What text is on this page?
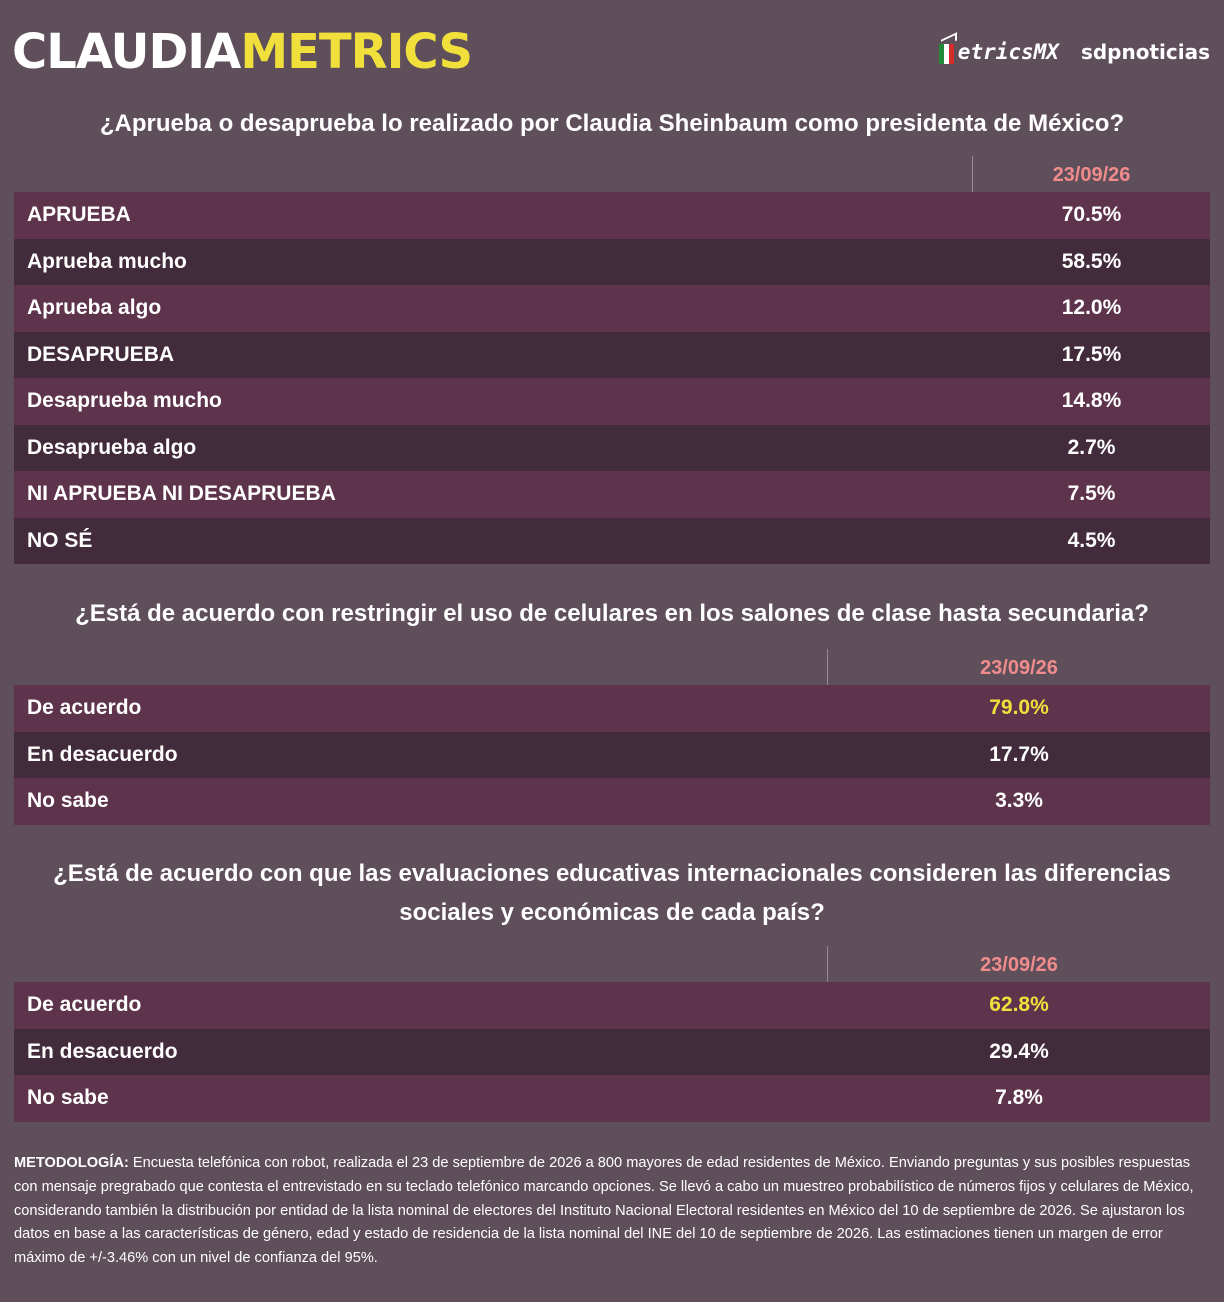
CLAUDIAMETRICS	etricsMX sdpnoticias
¿Aprueba o desaprueba lo realizado por Claudia Sheinbaum como presidenta de México?
23/09/26
APRUEBA	70.5%
Aprueba mucho	58.5%
Aprueba algo	12.0%
DESAPRUEBA	17.5%
Desaprueba mucho	14.8%
Desaprueba algo	2.7%
NI APRUEBA NI DESAPRUEBA	7.5%
NO SÉ	4.5%
¿Está de acuerdo con restringir el uso de celulares en los salones de clase hasta secundaria?
23/09/26
De acuerdo	79.0%
En desacuerdo	17.7%
No sabe	3.3%
¿Está de acuerdo con que las evaluaciones educativas internacionales consideren las diferencias
sociales y económicas de cada país?
23/09/26
De acuerdo	62.8%
En desacuerdo	29.4%
No sabe	7.8%
METODOLOGÍA: Encuesta telefónica con robot, realizada el 23 de septiembre de 2026 a 800 mayores de edad residentes de México. Enviando preguntas y sus posibles respuestas con mensaje pregrabado que contesta el entrevistado en su teclado telefónico marcando opciones. Se llevó a cabo un muestreo probabilístico de números fijos y celulares de México, considerando también la distribución por entidad de la lista nominal de electores del Instituto Nacional Electoral residentes en México del 10 de septiembre de 2026. Se ajustaron los datos en base a las características de género, edad y estado de residencia de la lista nominal del INE del 10 de septiembre de 2026. Las estimaciones tienen un margen de error máximo de +/-3.46% con un nivel de confianza del 95%.
